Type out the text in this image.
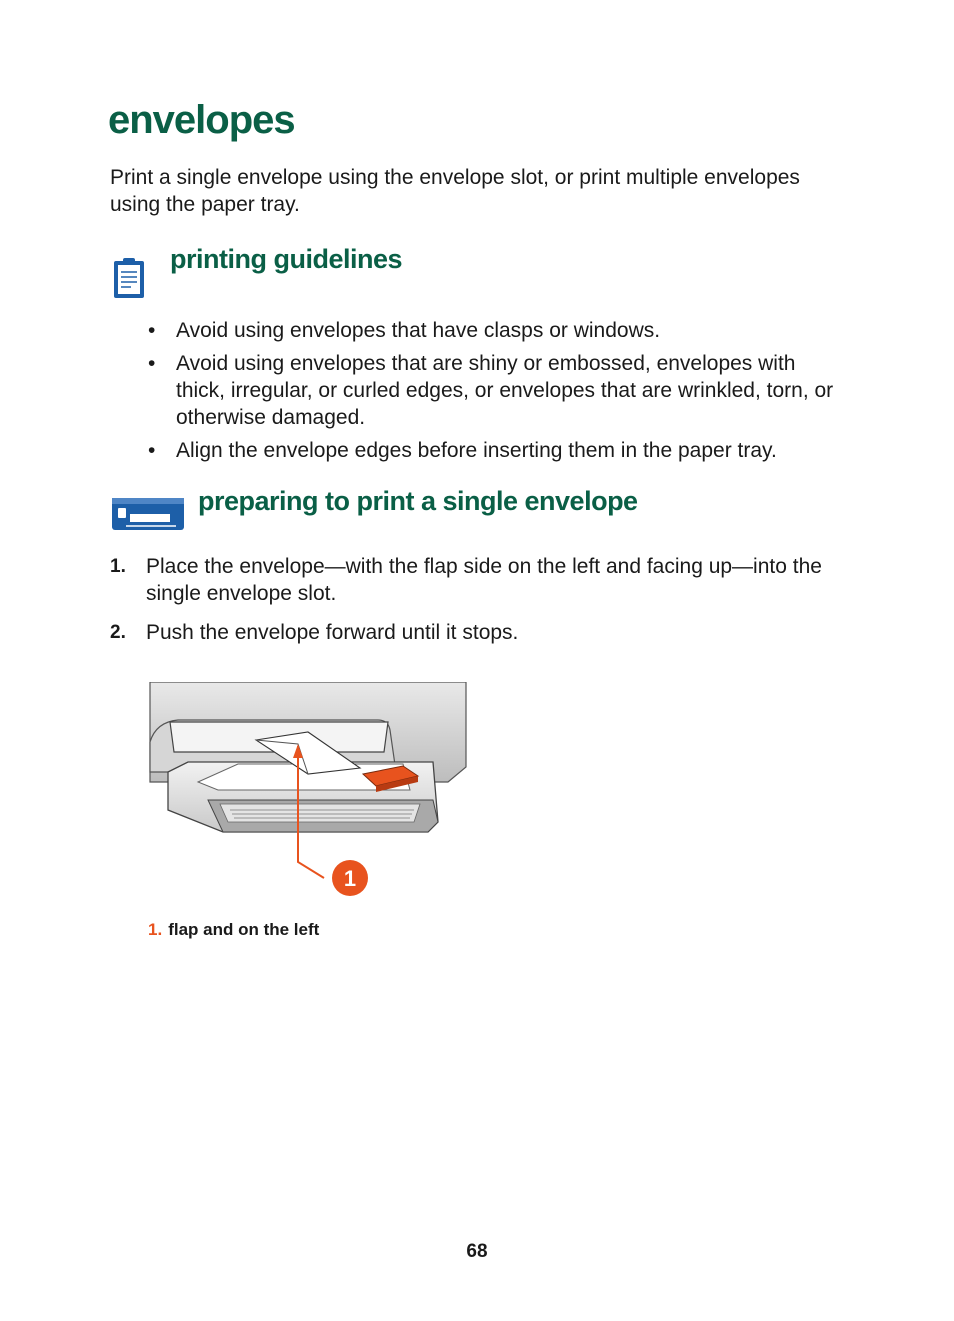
envelopes

Print a single envelope using the envelope slot, or print multiple envelopes using the paper tray.

printing guidelines
• Avoid using envelopes that have clasps or windows.
• Avoid using envelopes that are shiny or embossed, envelopes with thick, irregular, or curled edges, or envelopes that are wrinkled, torn, or otherwise damaged.
• Align the envelope edges before inserting them in the paper tray.
preparing to print a single envelope
1. Place the envelope—with the flap side on the left and facing up—into the single envelope slot.
2. Push the envelope forward until it stops.
1

1. flap and on the left

68
